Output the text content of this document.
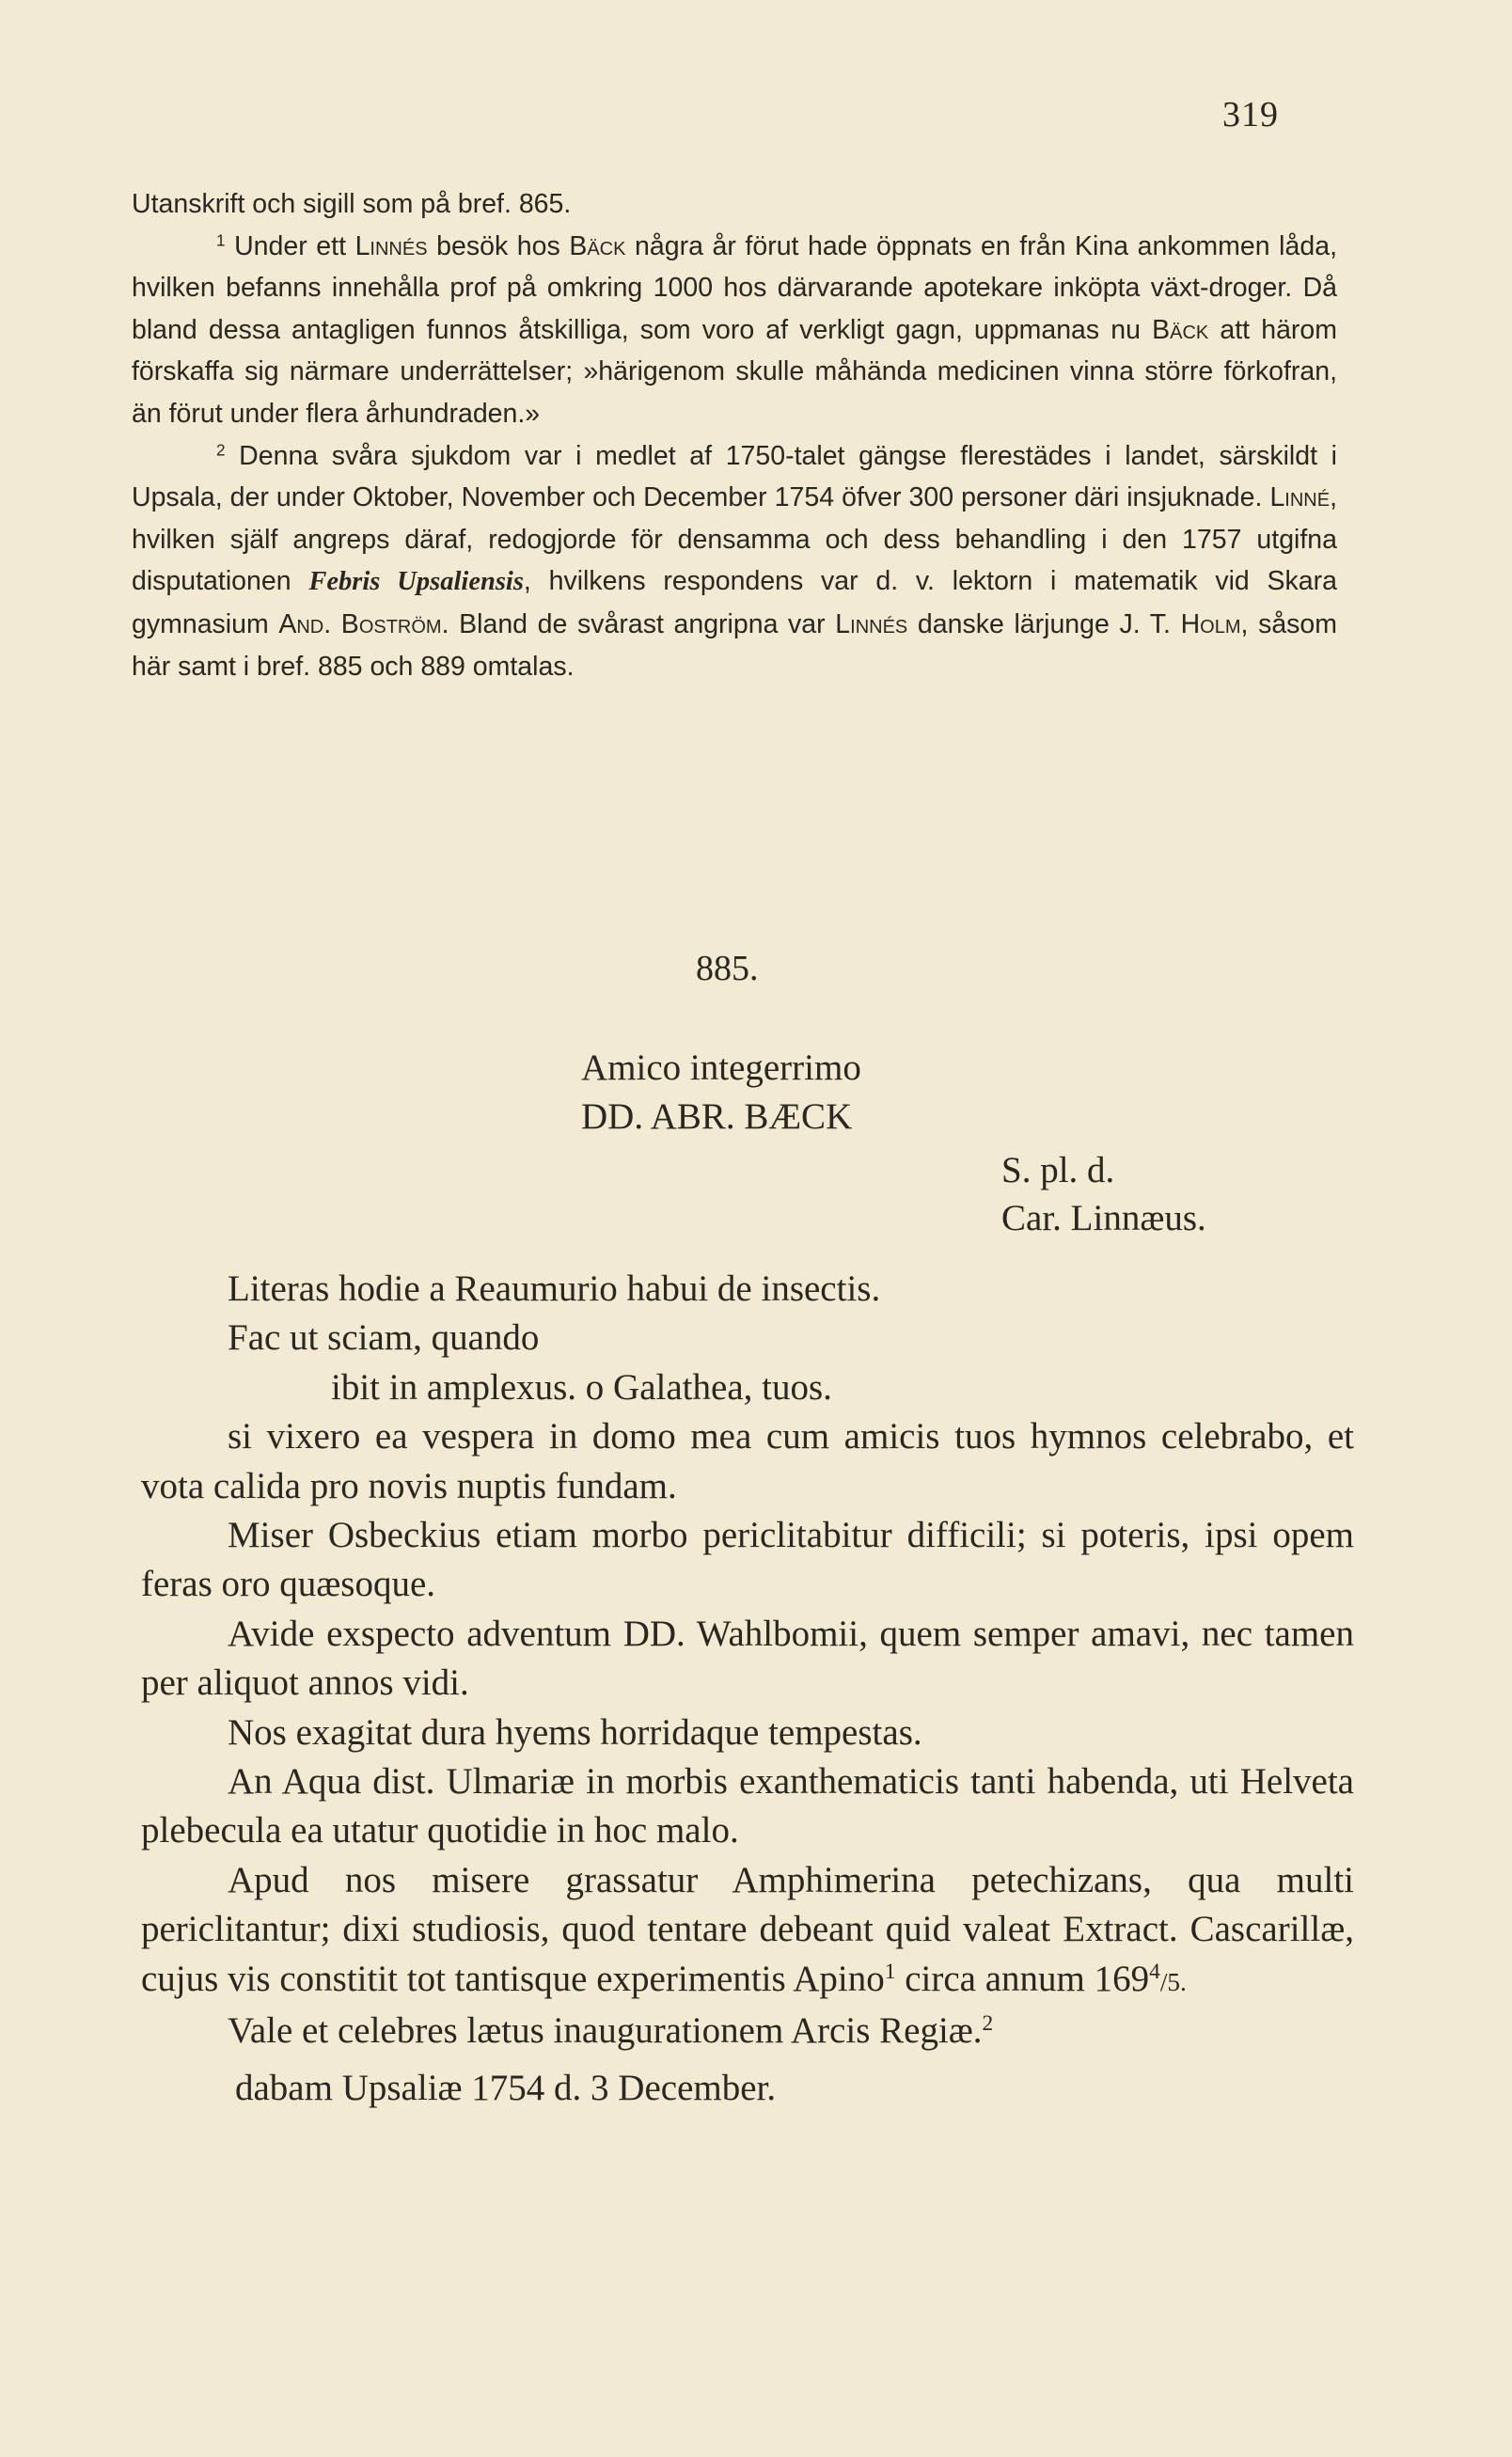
319

Utanskrift och sigill som på bref. 865.

$^1$ Under ett Linnés besök hos Bäck några år förut hade öppnats en från Kina ankommen låda, hvilken befanns innehålla prof på omkring 1000 hos därvarande apotekare inköpta växt-droger. Då bland dessa antagligen funnos åtskilliga, som voro af verkligt gagn, uppmanas nu Bäck att härom förskaffa sig närmare underrättelser; »härigenom skulle måhända medicinen vinna större förkofran, än förut under flera århundraden.»

$^2$ Denna svåra sjukdom var i medlet af 1750-talet gängse flerestädes i landet, särskildt i Upsala, der under Oktober, November och December 1754 öfver 300 personer däri insjuknade. Linné, hvilken själf angreps däraf, redogjorde för densamma och dess behandling i den 1757 utgifna disputationen Febris Upsaliensis, hvilkens respondens var d. v. lektorn i matematik vid Skara gymnasium And. Boström. Bland de svårast angripna var Linnés danske lärjunge J. T. Holm, såsom här samt i bref. 885 och 889 omtalas.

885.
Amico integerrimo
DD. ABR. BÆCK
S. pl. d.
Car. Linnæus.

Literas hodie a Reaumurio habui de insectis.

Fac ut sciam, quando

ibit in amplexus. o Galathea, tuos.

si vixero ea vespera in domo mea cum amicis tuos hymnos celebrabo, et vota calida pro novis nuptis fundam.

Miser Osbeckius etiam morbo periclitabitur difficili; si poteris, ipsi opem feras oro quæsoque.

Avide exspecto adventum DD. Wahlbomii, quem semper amavi, nec tamen per aliquot annos vidi.

Nos exagitat dura hyems horridaque tempestas.

An Aqua dist. Ulmariæ in morbis exanthematicis tanti habenda, uti Helveta plebecula ea utatur quotidie in hoc malo.

Apud nos misere grassatur Amphimerina petechizans, qua multi periclitantur; dixi studiosis, quod tentare debeant quid valeat Extract. Cascarillæ, cujus vis constitit tot tantisque experimentis Apino$^1$ circa annum $169^4/5$.

Vale et celebres lætus inaugurationem Arcis Regiæ.$^2$

dabam Upsaliæ 1754 d. 3 December.
